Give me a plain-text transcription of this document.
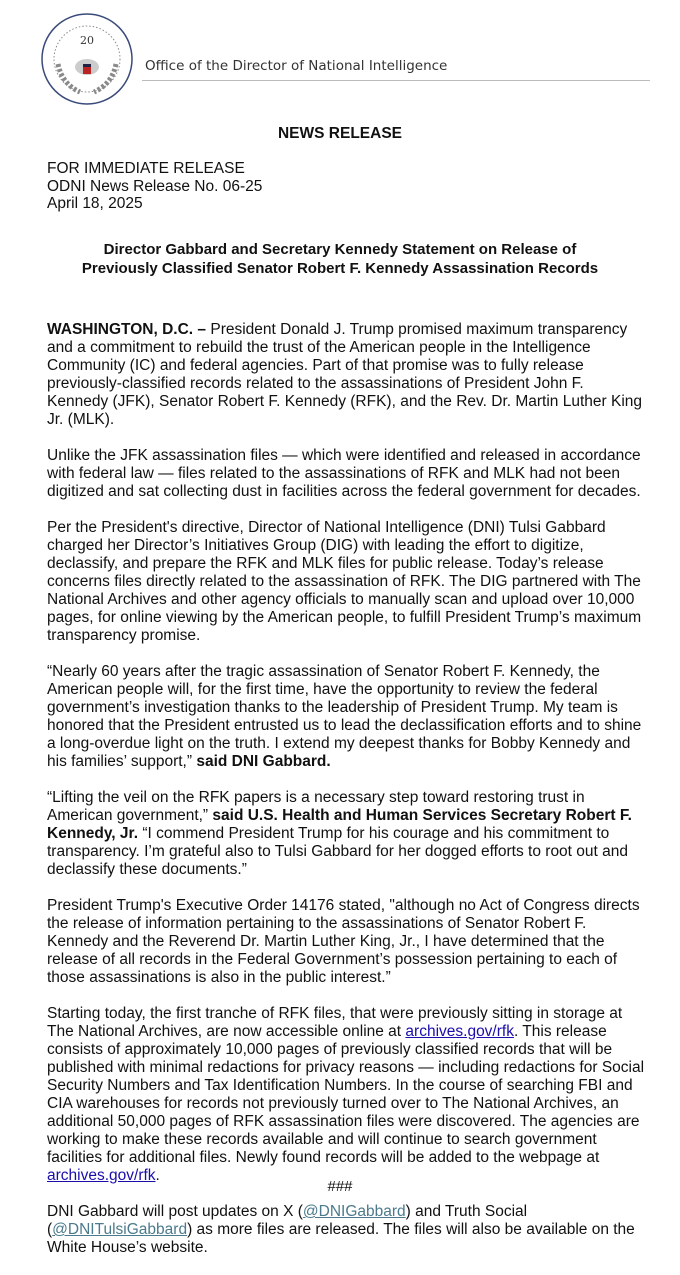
20
Office of the Director of National Intelligence
NEWS RELEASE
FOR IMMEDIATE RELEASE
ODNI News Release No. 06-25
April 18, 2025
Director Gabbard and Secretary Kennedy Statement on Release of
Previously Classified Senator Robert F. Kennedy Assassination Records

WASHINGTON, D.C. – President Donald J. Trump promised maximum transparency and a commitment to rebuild the trust of the American people in the Intelligence Community (IC) and federal agencies. Part of that promise was to fully release previously-classified records related to the assassinations of President John F. Kennedy (JFK), Senator Robert F. Kennedy (RFK), and the Rev. Dr. Martin Luther King Jr. (MLK).

Unlike the JFK assassination files — which were identified and released in accordance with federal law — files related to the assassinations of RFK and MLK had not been digitized and sat collecting dust in facilities across the federal government for decades.

Per the President's directive, Director of National Intelligence (DNI) Tulsi Gabbard charged her Director’s Initiatives Group (DIG) with leading the effort to digitize, declassify, and prepare the RFK and MLK files for public release. Today’s release concerns files directly related to the assassination of RFK. The DIG partnered with The National Archives and other agency officials to manually scan and upload over 10,000 pages, for online viewing by the American people, to fulfill President Trump’s maximum transparency promise.

“Nearly 60 years after the tragic assassination of Senator Robert F. Kennedy, the American people will, for the first time, have the opportunity to review the federal government’s investigation thanks to the leadership of President Trump. My team is honored that the President entrusted us to lead the declassification efforts and to shine a long-overdue light on the truth. I extend my deepest thanks for Bobby Kennedy and his families’ support,” said DNI Gabbard.

“Lifting the veil on the RFK papers is a necessary step toward restoring trust in American government,” said U.S. Health and Human Services Secretary Robert F. Kennedy, Jr. “I commend President Trump for his courage and his commitment to transparency. I’m grateful also to Tulsi Gabbard for her dogged efforts to root out and declassify these documents.”

President Trump's Executive Order 14176 stated, "although no Act of Congress directs the release of information pertaining to the assassinations of Senator Robert F. Kennedy and the Reverend Dr. Martin Luther King, Jr., I have determined that the release of all records in the Federal Government’s possession pertaining to each of those assassinations is also in the public interest.”

Starting today, the first tranche of RFK files, that were previously sitting in storage at The National Archives, are now accessible online at archives.gov/rfk. This release consists of approximately 10,000 pages of previously classified records that will be published with minimal redactions for privacy reasons — including redactions for Social Security Numbers and Tax Identification Numbers. In the course of searching FBI and CIA warehouses for records not previously turned over to The National Archives, an additional 50,000 pages of RFK assassination files were discovered. The agencies are working to make these records available and will continue to search government facilities for additional files. Newly found records will be added to the webpage at archives.gov/rfk.

DNI Gabbard will post updates on X (@DNIGabbard) and Truth Social (@DNITulsiGabbard) as more files are released. The files will also be available on the White House’s website.

###
